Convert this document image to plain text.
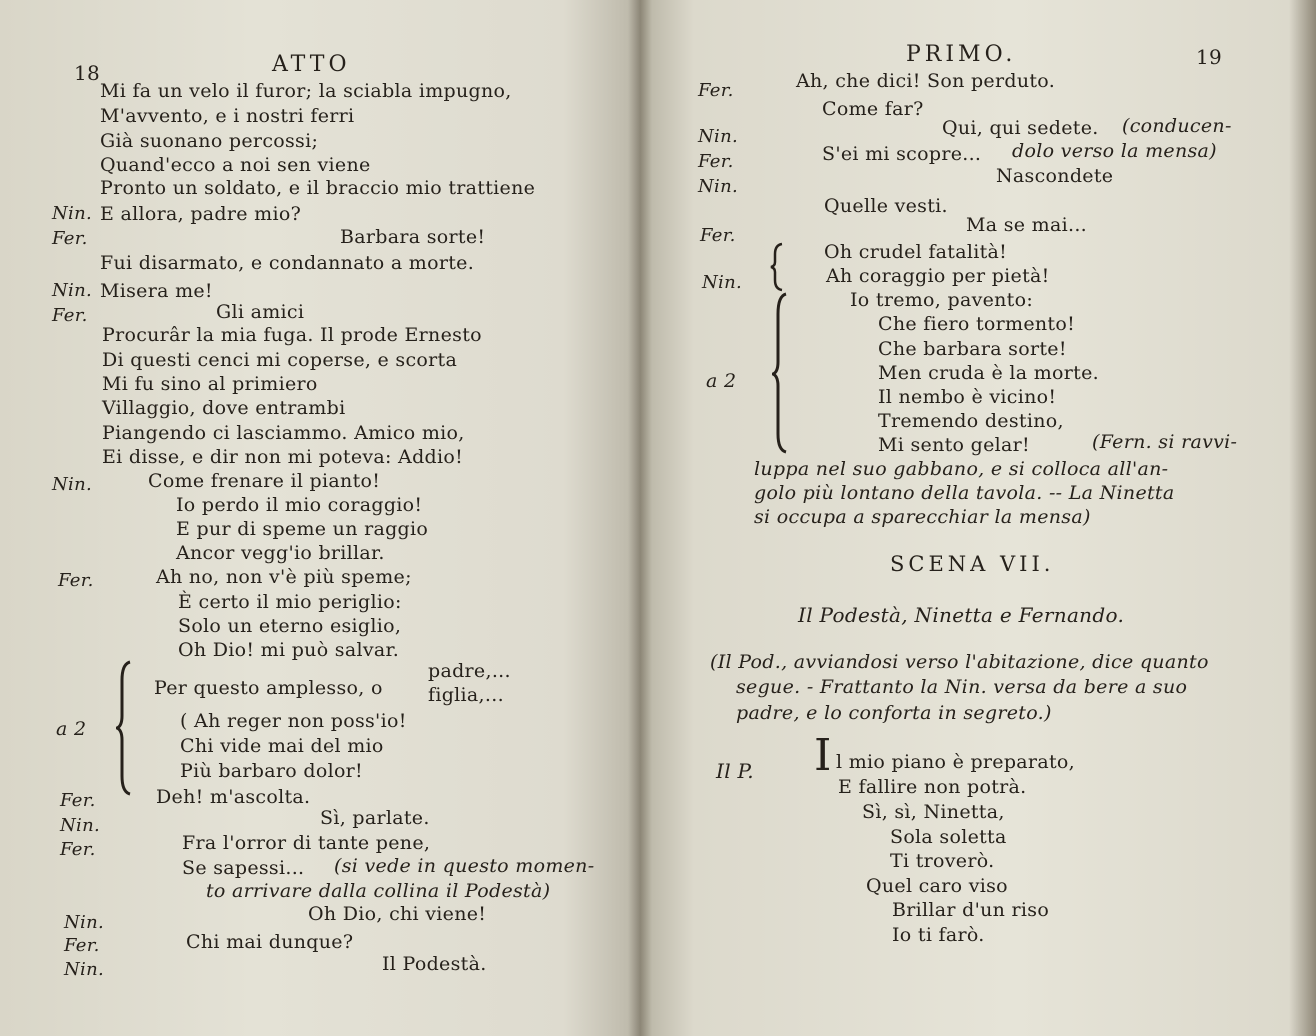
18	ATTO
Mi fa un velo il furor; la sciabla impugno,
M'avvento, e i nostri ferri
Già suonano percossi;
Quand'ecco a noi sen viene
Pronto un soldato, e il braccio mio trattiene
Nin. E allora, padre mio?
Fer.	Barbara sorte!
Fui disarmato, e condannato a morte.
Nin. Misera me!
Fer.	Gli amici
Procurâr la mia fuga. Il prode Ernesto
Di questi cenci mi coperse, e scorta
Mi fu sino al primiero
Villaggio, dove entrambi
Piangendo ci lasciammo. Amico mio,
Ei disse, e dir non mi poteva: Addio!
Nin.	Come frenare il pianto!
Io perdo il mio coraggio!
E pur di speme un raggio
Ancor vegg'io brillar.
Fer.	Ah no, non v'è più speme;
È certo il mio periglio:
Solo un eterno esiglio,
Oh Dio! mi può salvar.
a 2
Per questo amplesso, o
padre,...
figlia,...
( Ah reger non poss'io!
Chi vide mai del mio
Più barbaro dolor!
Fer.	Deh! m'ascolta.
Nin.	Sì, parlate.
Fer.	Fra l'orror di tante pene,
Se sapessi... (si vede in questo momen-
to arrivare dalla collina il Podestà)
Nin.	Oh Dio, chi viene!
Fer.	Chi mai dunque?
Nin.	Il Podestà.
PRIMO.	19
Fer.	Ah, che dici! Son perduto.
Come far?
Nin.	Qui, qui sedete. (conducen-
Fer.	S'ei mi scopre... dolo verso la mensa)
Nin.	Nascondete
Quelle vesti.
Fer.	Ma se mai...
Oh crudel fatalità!
Nin.	Ah coraggio per pietà!
a 2
Io tremo, pavento:
Che fiero tormento!
Che barbara sorte!
Men cruda è la morte.
Il nembo è vicino!
Tremendo destino,
Mi sento gelar!	(Fern. si ravvi-
luppa nel suo gabbano, e si colloca all'an-
golo più lontano della tavola. -- La Ninetta
si occupa a sparecchiar la mensa)
SCENA VII.
Il Podestà, Ninetta e Fernando.
(Il Pod., avviandosi verso l'abitazione, dice quanto
segue. - Frattanto la Nin. versa da bere a suo
padre, e lo conforta in segreto.)
Il P. I l mio piano è preparato,
E fallire non potrà.
Sì, sì, Ninetta,
Sola soletta
Ti troverò.
Quel caro viso
Brillar d'un riso
Io ti farò.
